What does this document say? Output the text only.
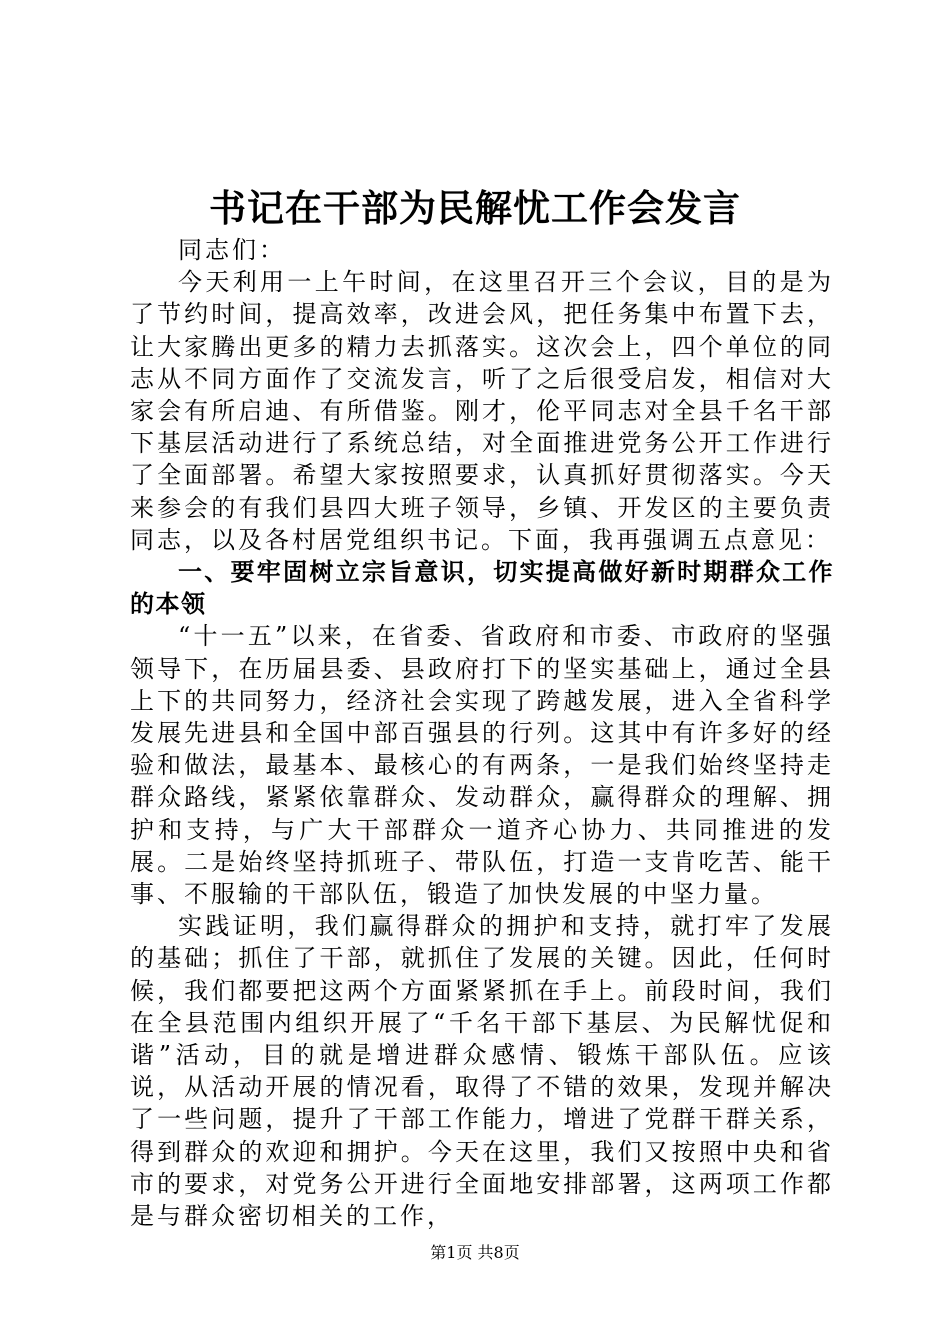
书记在干部为民解忧工作会发言

同志们：

今天利用一上午时间，在这里召开三个会议，目的是为了节约时间，提高效率，改进会风，把任务集中布置下去，让大家腾出更多的精力去抓落实。这次会上，四个单位的同志从不同方面作了交流发言，听了之后很受启发，相信对大家会有所启迪、有所借鉴。刚才，伦平同志对全县千名干部下基层活动进行了系统总结，对全面推进党务公开工作进行了全面部署。希望大家按照要求，认真抓好贯彻落实。今天来参会的有我们县四大班子领导，乡镇、开发区的主要负责同志，以及各村居党组织书记。下面，我再强调五点意见：

一、要牢固树立宗旨意识，切实提高做好新时期群众工作的本领

“十一五”以来，在省委、省政府和市委、市政府的坚强领导下，在历届县委、县政府打下的坚实基础上，通过全县上下的共同努力，经济社会实现了跨越发展，进入全省科学发展先进县和全国中部百强县的行列。这其中有许多好的经验和做法，最基本、最核心的有两条，一是我们始终坚持走群众路线，紧紧依靠群众、发动群众，赢得群众的理解、拥护和支持，与广大干部群众一道齐心协力、共同推进的发展。二是始终坚持抓班子、带队伍，打造一支肯吃苦、能干事、不服输的干部队伍，锻造了加快发展的中坚力量。

实践证明，我们赢得群众的拥护和支持，就打牢了发展的基础；抓住了干部，就抓住了发展的关键。因此，任何时候，我们都要把这两个方面紧紧抓在手上。前段时间，我们在全县范围内组织开展了“千名干部下基层、为民解忧促和谐”活动，目的就是增进群众感情、锻炼干部队伍。应该说，从活动开展的情况看，取得了不错的效果，发现并解决了一些问题，提升了干部工作能力，增进了党群干群关系，得到群众的欢迎和拥护。今天在这里，我们又按照中央和省市的要求，对党务公开进行全面地安排部署，这两项工作都是与群众密切相关的工作，

第1页 共8页
